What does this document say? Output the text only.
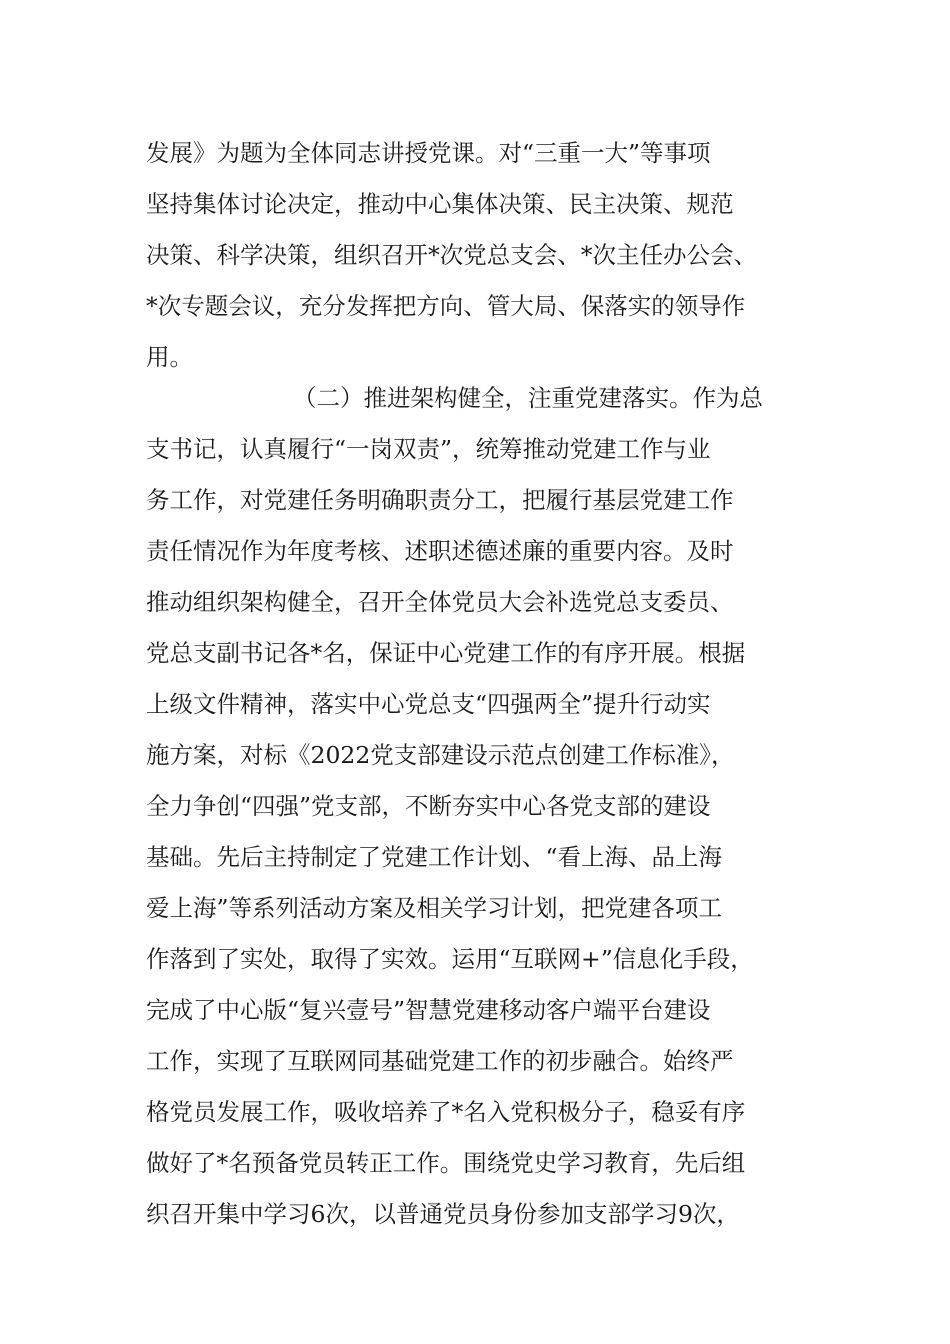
发展》为题为全体同志讲授党课。对“三重一大”等事项
坚持集体讨论决定，推动中心集体决策、民主决策、规范
决策、科学决策，组织召开*次党总支会、*次主任办公会、
*次专题会议，充分发挥把方向、管大局、保落实的领导作
用。
（二）推进架构健全，注重党建落实。作为总
支书记，认真履行“一岗双责”，统筹推动党建工作与业
务工作，对党建任务明确职责分工，把履行基层党建工作
责任情况作为年度考核、述职述德述廉的重要内容。及时
推动组织架构健全，召开全体党员大会补选党总支委员、
党总支副书记各*名，保证中心党建工作的有序开展。根据
上级文件精神，落实中心党总支“四强两全”提升行动实
施方案，对标《2022党支部建设示范点创建工作标准》，
全力争创“四强”党支部，不断夯实中心各党支部的建设
基础。先后主持制定了党建工作计划、“看上海、品上海
爱上海”等系列活动方案及相关学习计划，把党建各项工
作落到了实处，取得了实效。运用“互联网+”信息化手段，
完成了中心版“复兴壹号”智慧党建移动客户端平台建设
工作，实现了互联网同基础党建工作的初步融合。始终严
格党员发展工作，吸收培养了*名入党积极分子，稳妥有序
做好了*名预备党员转正工作。围绕党史学习教育，先后组
织召开集中学习6次，以普通党员身份参加支部学习9次，
